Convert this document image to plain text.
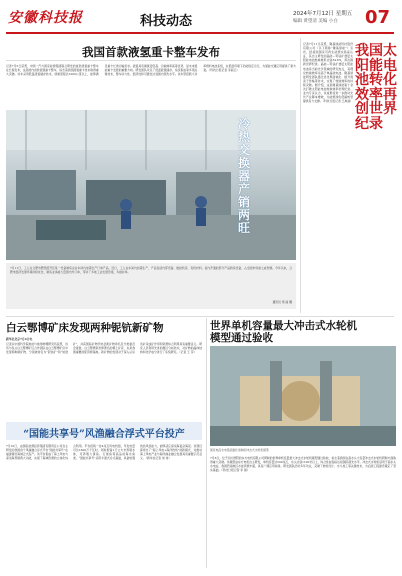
安徽科技报	科技动态	2024年7月12日 星期五
编辑 黄望清 美编 小白 07
我国首款液氢重卡整车发布
记者7月5日获悉，中国一汽与国家能源集团联合研发的首款液氢重卡整车在长春发布，这是国内首款液氢重卡整车，标志着我国液氢重卡技术取得重大突破。该车采用低温液氢储存技术，续航里程达1000公里以上，能够满足重卡长途运输需求。液氢具有储氢密度高、运输效率高等优势，是未来氢能重卡发展的重要方向。研发团队攻克了低温液氢储存、系统集成等多项关键技术，整车动力性、经济性和可靠性达到国内领先水平。该车型搭载大功率燃料电池系统，在低温环境下仍能稳定运行，为氢能交通应用提供了新方案。（科技日报记者 李丽云）
冷热交换器产销两旺
7月11日，工人在合肥市肥西经开区某一设备制造企业车间内加紧生产订单产品。近日，工人在车间内加紧生产，产品包括内部设备、数控机床、有机材料。省内开通的部分产品新线设备，占全国市场逾七成份额。今年以来，合肥市经济发展环境持续优化，制造业承接大量国内外订单，带动了多地工业发展迅速，多措并举。
通讯员 郑 丽 摄
记者7月11日获悉，隆基绿能科技股份有限公司（以下简称“隆基绿能”）宣布，经美国国家可再生能源实验室认证，其自主研发的晶硅—钙钛矿叠层太阳能电池转换效率达到34.6%，再次刷新世界纪录。晶硅—钙钛矿叠层太阳能电池是当前光伏领域的研究热点，其理论转换效率远高于单晶硅电池。隆基绿能研发团队通过优化界面钝化、提升载流子传输等技术，实现了转换效率的持续突破。据介绍，这是隆基绿能第十余次打破太阳能电池转换效率世界纪录。业内专家认为，该成果将进一步推动光伏产业降本增效，为能源绿色低碳转型提供有力支撑。（科技日报记者 王禹涵）
我国太阳能电池转化效率再创世界纪录
白云鄂博矿床发现两种铌钪新矿物
新华社北京7月4日电
记者从中国科学院地质与地球物理研究所获悉，该所与包头白云鄂博矿区合作团队在白云鄂博矿床中发现两种新矿物，分别被命名为“铌钪矿”和“钪锆矿”，并获国际矿物学协会新矿物命名及分类委员会批准。白云鄂博是世界著名的稀土矿床，也是我国重要的铌资源基地。新矿物的发现对于深入认识该矿床成矿作用和资源综合利用具有重要意义。研究人员利用先进的微区分析技术，对矿物的晶体结构和化学成分进行了系统研究。（记者 王 萍）
世界单机容量最大冲击式水轮机模型通过验收
国家电投水电集团委托承制的冲击式水轮机模型
7月8日，位于四川德阳的东方电机有限公司研制的世界单机容量最大冲击式水轮机模型通过验收，标志着我国在高水头大容量冲击式水轮机研制方面取得重大突破。该模型由东方电机自主研发，单机容量达500兆瓦，水头达到1100米以上，综合性能指标达到国际领先水平。冲击式水轮机适用于高水头水电站，我国西南地区水能资源丰富，具有广阔应用前景。研发团队历时多年攻关，突破了转轮设计、水斗加工等关键技术，为后续工程建设奠定了坚实基础。（科技日报记者 李 晨）
“国能共享号”风渔融合浮式平台投产
7月10日，由国家能源投资集团有限责任公司自主研发的我国首个风渔融合浮式平台“国能共享号”在福建莆田海域正式投产。该平台集成了海上风电与深远海养殖两大功能，实现了海域资源的立体化综合利用。平台搭载一台4兆瓦风电机组，年发电量可达1600万千瓦时，同时配备1万立方米养殖水体，可养殖大黄鱼、石斑鱼等高品质海水鱼类。“国能共享号”采用半潜式浮式基础，具备较强的抗风浪能力，能够适应深远海复杂海况。该项目探索出了“海上风电+海洋牧场”的新模式，对推动海上风电产业与海洋渔业融合发展具有重要示范意义。（新华社记者 刘 伟）
